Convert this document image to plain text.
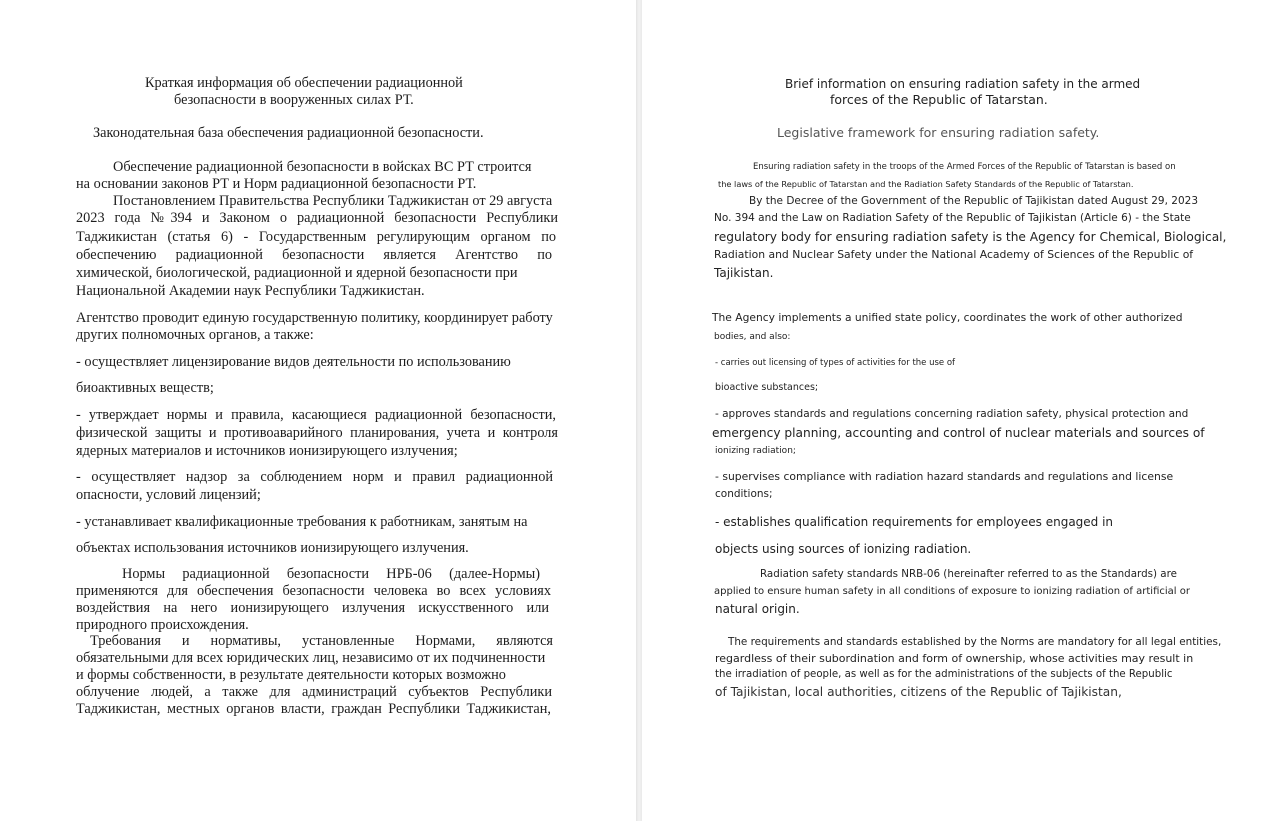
Краткая информация об обеспечении радиационной

безопасности в вооруженных силах РТ.

Законодательная база обеспечения радиационной безопасности.

Обеспечение радиационной безопасности в войсках ВС РТ строится

на основании законов РТ и Норм радиационной безопасности РТ.

Постановлением Правительства Республики Таджикистан от 29 августа

2023 года №394 и Законом о радиационной безопасности Республики

Таджикистан (статья 6) - Государственным регулирующим органом по

обеспечению радиационной безопасности является Агентство по

химической, биологической, радиационной и ядерной безопасности при

Национальной Академии наук Республики Таджикистан.

Агентство проводит единую государственную политику, координирует работу

других полномочных органов, а также:

- осуществляет лицензирование видов деятельности по использованию

биоактивных веществ;

- утверждает нормы и правила, касающиеся радиационной безопасности,

физической защиты и противоаварийного планирования, учета и контроля

ядерных материалов и источников ионизирующего излучения;

- осуществляет надзор за соблюдением норм и правил радиационной

опасности, условий лицензий;

- устанавливает квалификационные требования к работникам, занятым на

объектах использования источников ионизирующего излучения.

Нормы радиационной безопасности НРБ-06 (далее-Нормы)

применяются для обеспечения безопасности человека во всех условиях

воздействия на него ионизирующего излучения искусственного или

природного происхождения.

Требования и нормативы, установленные Нормами, являются

обязательными для всех юридических лиц, независимо от их подчиненности

и формы собственности, в результате деятельности которых возможно

облучение людей, а также для администраций субъектов Республики

Таджикистан, местных органов власти, граждан Республики Таджикистан,

Brief information on ensuring radiation safety in the armed

forces of the Republic of Tatarstan.

Legislative framework for ensuring radiation safety.

Ensuring radiation safety in the troops of the Armed Forces of the Republic of Tatarstan is based on

the laws of the Republic of Tatarstan and the Radiation Safety Standards of the Republic of Tatarstan.

By the Decree of the Government of the Republic of Tajikistan dated August 29, 2023

No. 394 and the Law on Radiation Safety of the Republic of Tajikistan (Article 6) - the State

regulatory body for ensuring radiation safety is the Agency for Chemical, Biological,

Radiation and Nuclear Safety under the National Academy of Sciences of the Republic of

Tajikistan.

The Agency implements a unified state policy, coordinates the work of other authorized

bodies, and also:

- carries out licensing of types of activities for the use of

bioactive substances;

- approves standards and regulations concerning radiation safety, physical protection and

emergency planning, accounting and control of nuclear materials and sources of

ionizing radiation;

- supervises compliance with radiation hazard standards and regulations and license

conditions;

- establishes qualification requirements for employees engaged in

objects using sources of ionizing radiation.

Radiation safety standards NRB-06 (hereinafter referred to as the Standards) are

applied to ensure human safety in all conditions of exposure to ionizing radiation of artificial or

natural origin.

The requirements and standards established by the Norms are mandatory for all legal entities,

regardless of their subordination and form of ownership, whose activities may result in

the irradiation of people, as well as for the administrations of the subjects of the Republic

of Tajikistan, local authorities, citizens of the Republic of Tajikistan,
